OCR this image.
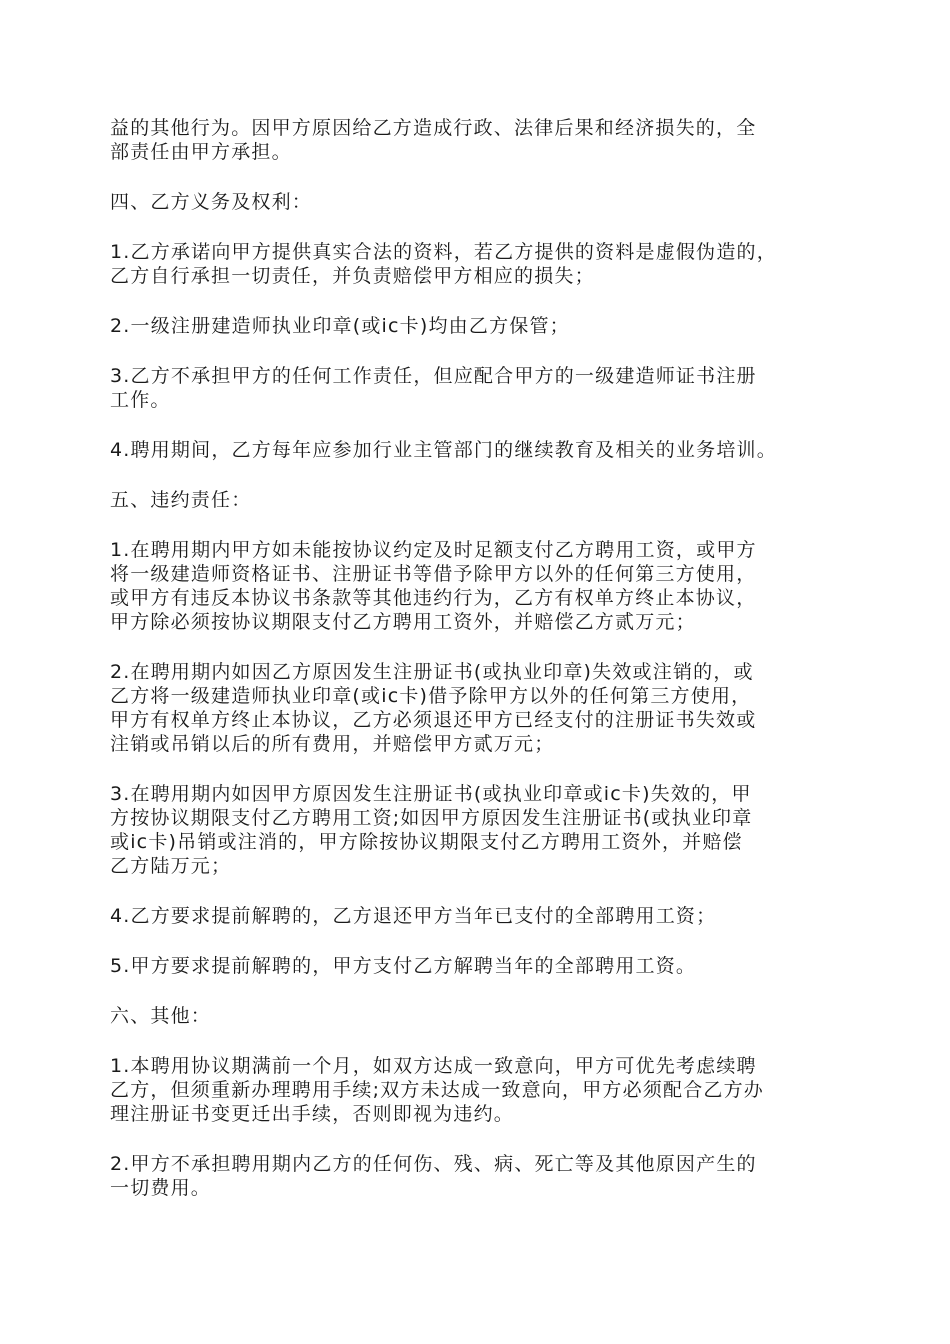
益的其他行为。因甲方原因给乙方造成行政、法律后果和经济损失的，全
部责任由甲方承担。
四、乙方义务及权利：
1.乙方承诺向甲方提供真实合法的资料，若乙方提供的资料是虚假伪造的，
乙方自行承担一切责任，并负责赔偿甲方相应的损失；
2.一级注册建造师执业印章(或ic卡)均由乙方保管；
3.乙方不承担甲方的任何工作责任，但应配合甲方的一级建造师证书注册
工作。
4.聘用期间，乙方每年应参加行业主管部门的继续教育及相关的业务培训。
五、违约责任：
1.在聘用期内甲方如未能按协议约定及时足额支付乙方聘用工资，或甲方
将一级建造师资格证书、注册证书等借予除甲方以外的任何第三方使用，
或甲方有违反本协议书条款等其他违约行为，乙方有权单方终止本协议，
甲方除必须按协议期限支付乙方聘用工资外，并赔偿乙方贰万元；
2.在聘用期内如因乙方原因发生注册证书(或执业印章)失效或注销的，或
乙方将一级建造师执业印章(或ic卡)借予除甲方以外的任何第三方使用，
甲方有权单方终止本协议，乙方必须退还甲方已经支付的注册证书失效或
注销或吊销以后的所有费用，并赔偿甲方贰万元；
3.在聘用期内如因甲方原因发生注册证书(或执业印章或ic卡)失效的，甲
方按协议期限支付乙方聘用工资;如因甲方原因发生注册证书(或执业印章
或ic卡)吊销或注消的，甲方除按协议期限支付乙方聘用工资外，并赔偿
乙方陆万元；
4.乙方要求提前解聘的，乙方退还甲方当年已支付的全部聘用工资；
5.甲方要求提前解聘的，甲方支付乙方解聘当年的全部聘用工资。
六、其他：
1.本聘用协议期满前一个月，如双方达成一致意向，甲方可优先考虑续聘
乙方，但须重新办理聘用手续;双方未达成一致意向，甲方必须配合乙方办
理注册证书变更迁出手续，否则即视为违约。
2.甲方不承担聘用期内乙方的任何伤、残、病、死亡等及其他原因产生的
一切费用。
